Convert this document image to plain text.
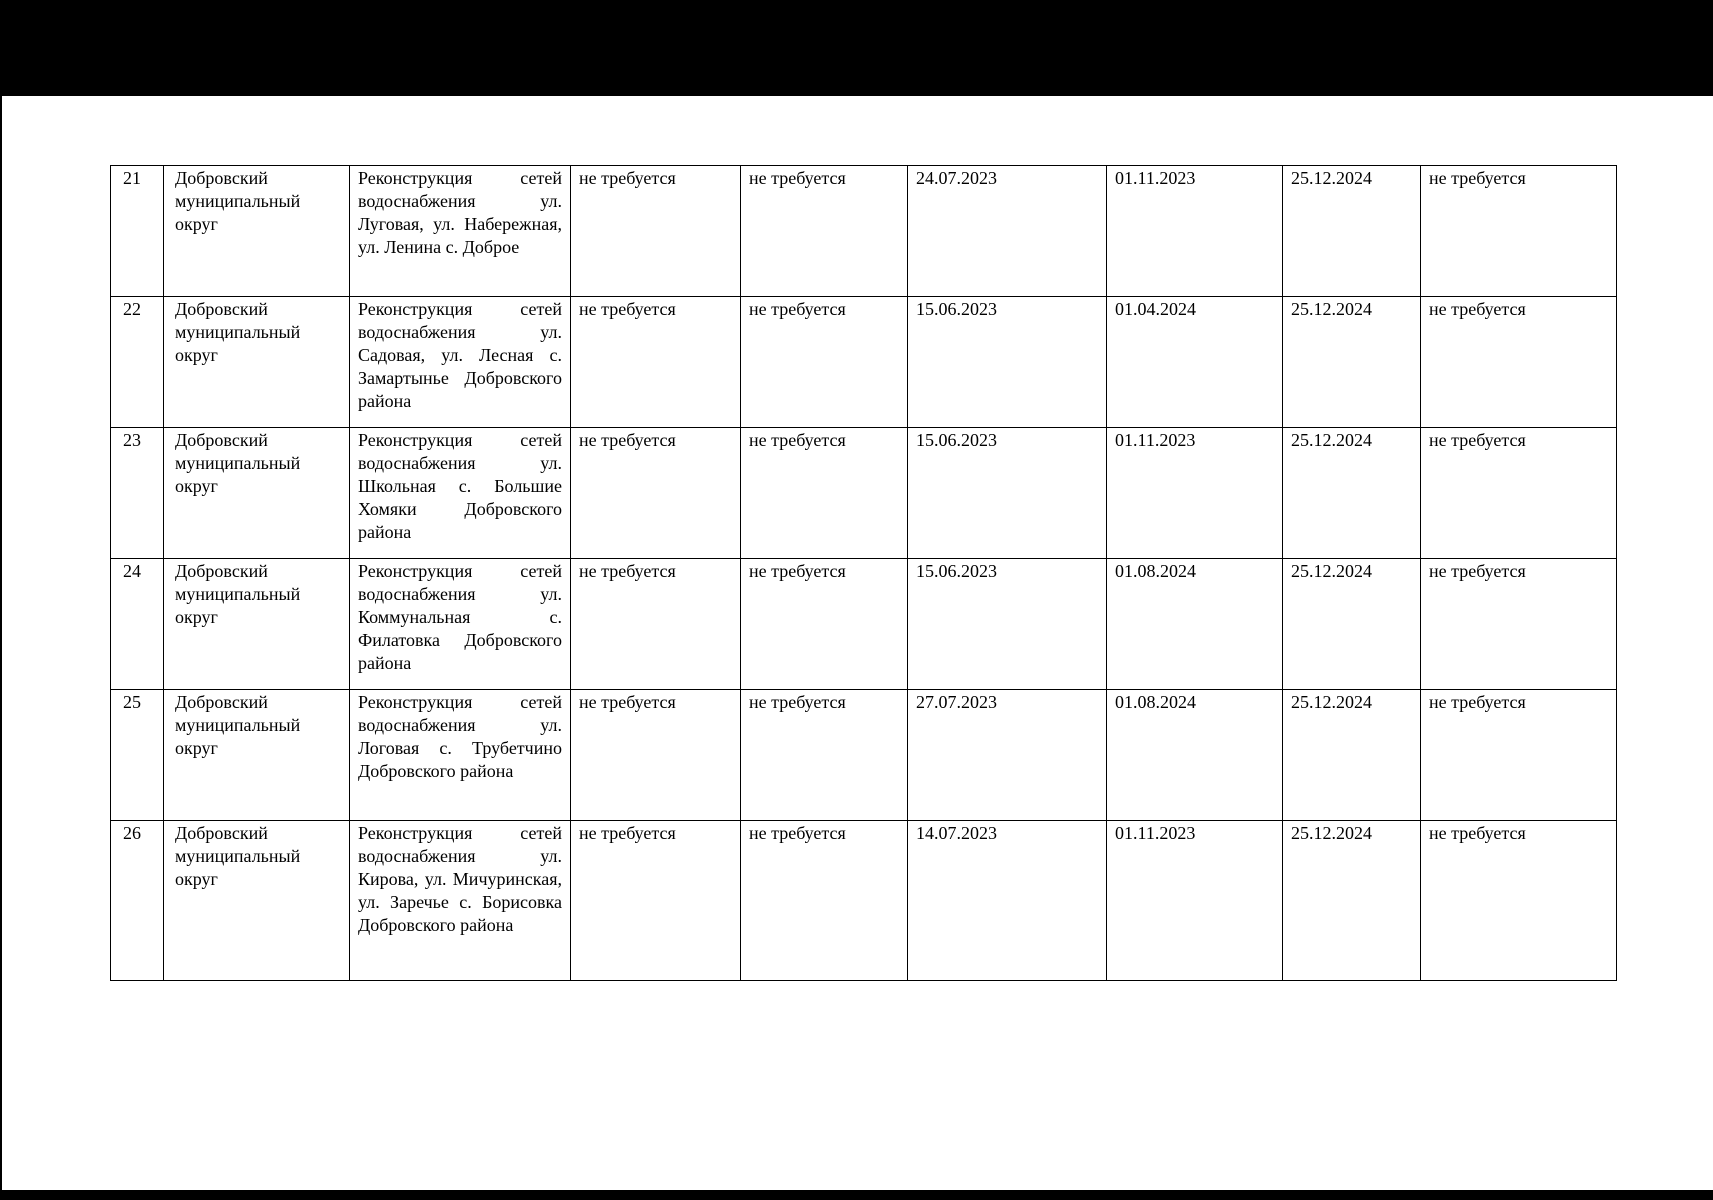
21	Добровский муниципальный округ	Реконструкция сетей водоснабжения ул. Луговая, ул. Набережная, ул. Ленина с. Доброе	не требуется	не требуется	24.07.2023	01.11.2023	25.12.2024	не требуется
22	Добровский муниципальный округ	Реконструкция сетей водоснабжения ул. Садовая, ул. Лесная с. Замартынье Добровского района	не требуется	не требуется	15.06.2023	01.04.2024	25.12.2024	не требуется
23	Добровский муниципальный округ	Реконструкция сетей водоснабжения ул. Школьная с. Большие Хомяки Добровского района	не требуется	не требуется	15.06.2023	01.11.2023	25.12.2024	не требуется
24	Добровский муниципальный округ	Реконструкция сетей водоснабжения ул. Коммунальная с. Филатовка Добровского района	не требуется	не требуется	15.06.2023	01.08.2024	25.12.2024	не требуется
25	Добровский муниципальный округ	Реконструкция сетей водоснабжения ул. Логовая с. Трубетчино Добровского района	не требуется	не требуется	27.07.2023	01.08.2024	25.12.2024	не требуется
26	Добровский муниципальный округ	Реконструкция сетей водоснабжения ул. Кирова, ул. Мичуринская, ул. Заречье с. Борисовка Добровского района	не требуется	не требуется	14.07.2023	01.11.2023	25.12.2024	не требуется
